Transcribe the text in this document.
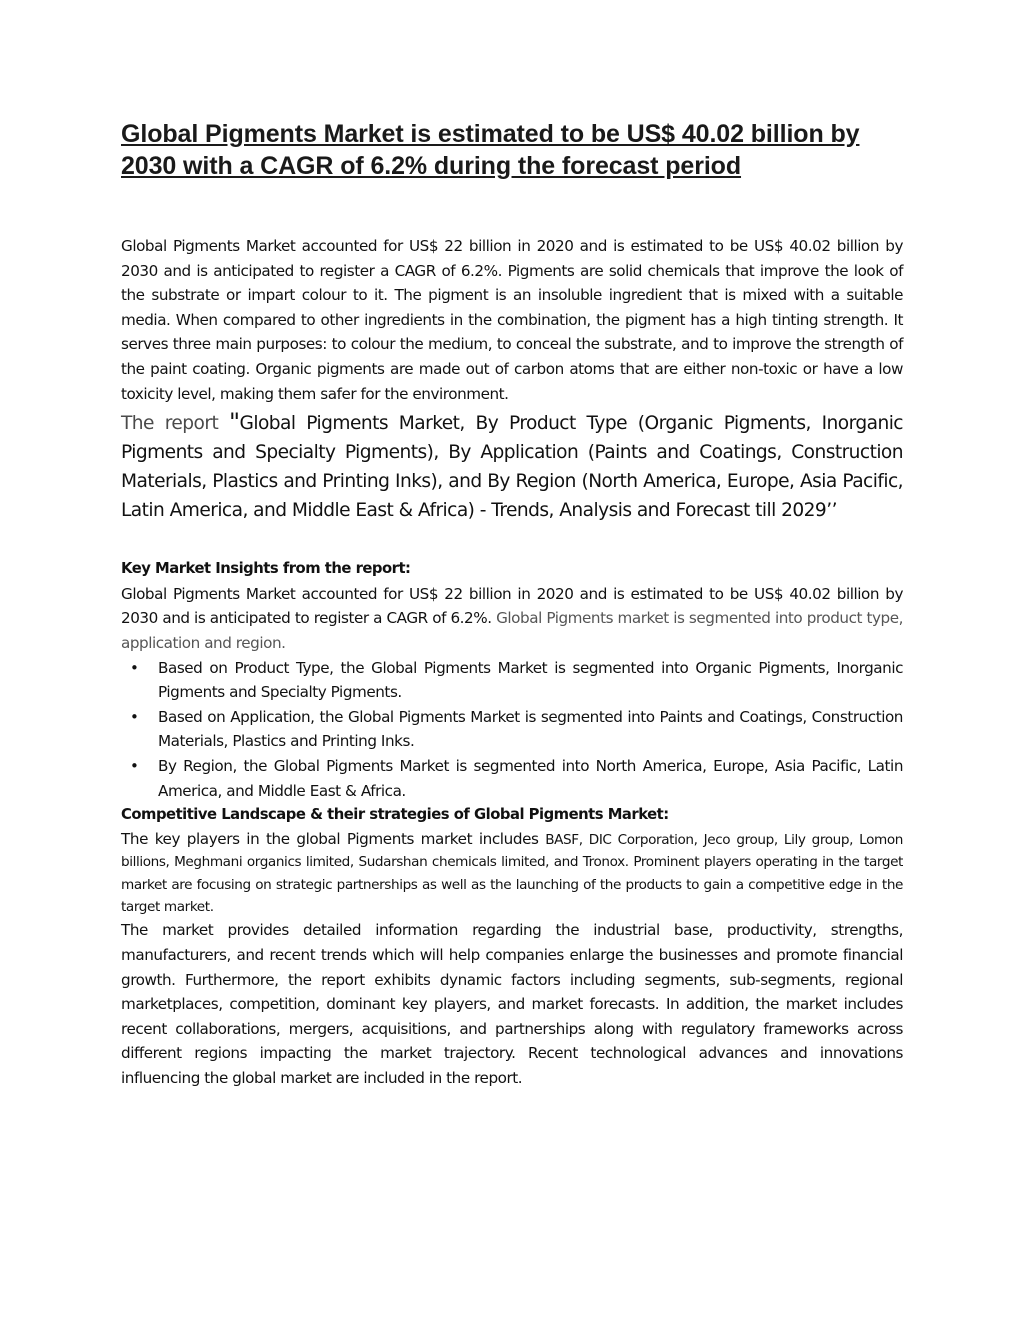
Global Pigments Market is estimated to be US$ 40.02 billion by 2030 with a CAGR of 6.2% during the forecast period

Global Pigments Market accounted for US$ 22 billion in 2020 and is estimated to be US$ 40.02 billion by 2030 and is anticipated to register a CAGR of 6.2%. Pigments are solid chemicals that improve the look of the substrate or impart colour to it. The pigment is an insoluble ingredient that is mixed with a suitable media. When compared to other ingredients in the combination, the pigment has a high tinting strength. It serves three main purposes: to colour the medium, to conceal the substrate, and to improve the strength of the paint coating. Organic pigments are made out of carbon atoms that are either non-toxic or have a low toxicity level, making them safer for the environment.

The report "Global Pigments Market, By Product Type (Organic Pigments, Inorganic Pigments and Specialty Pigments), By Application (Paints and Coatings, Construction Materials, Plastics and Printing Inks), and By Region (North America, Europe, Asia Pacific, Latin America, and Middle East & Africa) - Trends, Analysis and Forecast till 2029’’

Key Market Insights from the report:

Global Pigments Market accounted for US$ 22 billion in 2020 and is estimated to be US$ 40.02 billion by 2030 and is anticipated to register a CAGR of 6.2%. Global Pigments market is segmented into product type, application and region.

• Based on Product Type, the Global Pigments Market is segmented into Organic Pigments, Inorganic Pigments and Specialty Pigments.
• Based on Application, the Global Pigments Market is segmented into Paints and Coatings, Construction Materials, Plastics and Printing Inks.
• By Region, the Global Pigments Market is segmented into North America, Europe, Asia Pacific, Latin America, and Middle East & Africa.

Competitive Landscape & their strategies of Global Pigments Market:

The key players in the global Pigments market includes BASF, DIC Corporation, Jeco group, Lily group, Lomon billions, Meghmani organics limited, Sudarshan chemicals limited, and Tronox. Prominent players operating in the target market are focusing on strategic partnerships as well as the launching of the products to gain a competitive edge in the target market.

The market provides detailed information regarding the industrial base, productivity, strengths, manufacturers, and recent trends which will help companies enlarge the businesses and promote financial growth. Furthermore, the report exhibits dynamic factors including segments, sub-segments, regional marketplaces, competition, dominant key players, and market forecasts. In addition, the market includes recent collaborations, mergers, acquisitions, and partnerships along with regulatory frameworks across different regions impacting the market trajectory. Recent technological advances and innovations influencing the global market are included in the report.
